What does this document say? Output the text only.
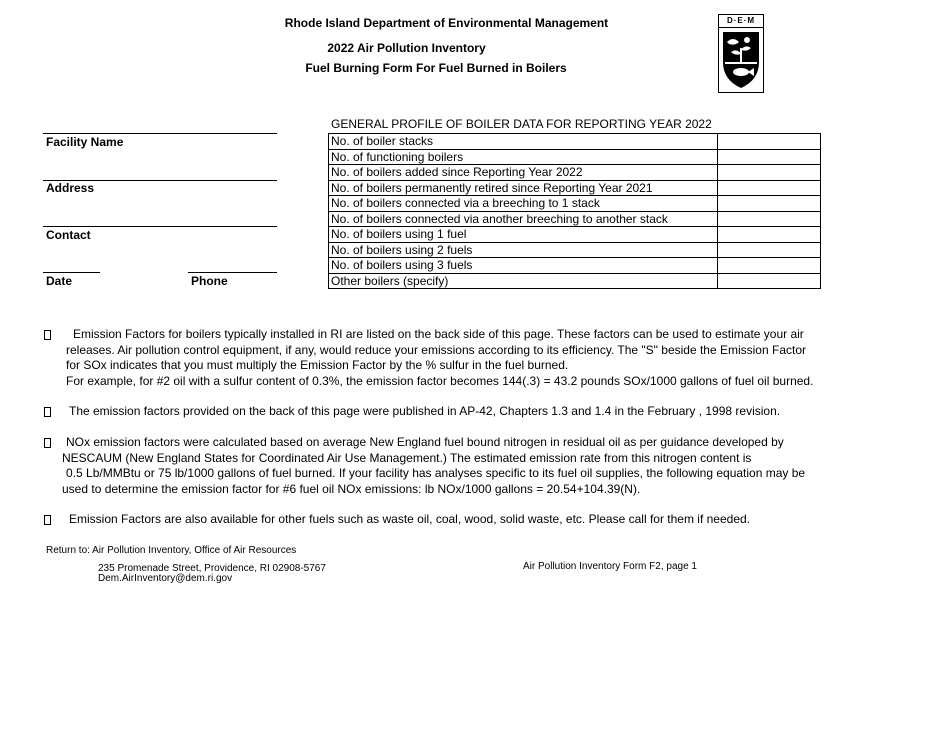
Rhode Island Department of Environmental Management
2022 Air Pollution Inventory
Fuel Burning Form For Fuel Burned in Boilers
D·E·M
Facility Name
Address
Contact
Date	Phone
GENERAL PROFILE OF BOILER DATA FOR REPORTING YEAR 2022
No. of boiler stacks	
No. of functioning boilers	
No. of boilers added since Reporting Year 2022	
No. of boilers permanently retired since Reporting Year 2021	
No. of boilers connected via a breeching to 1 stack	
No. of boilers connected via another breeching to another stack	
No. of boilers using 1 fuel	
No. of boilers using 2 fuels	
No. of boilers using 3 fuels	
Other boilers (specify)	

Emission Factors for boilers typically installed in RI are listed on the back side of this page. These factors can be used to estimate your air

releases. Air pollution control equipment, if any, would reduce your emissions according to its efficiency. The "S" beside the Emission Factor

for SOx indicates that you must multiply the Emission Factor by the % sulfur in the fuel burned.

For example, for #2 oil with a sulfur content of 0.3%, the emission factor becomes 144(.3) = 43.2 pounds SOx/1000 gallons of fuel oil burned.

The emission factors provided on the back of this page were published in AP-42, Chapters 1.3 and 1.4 in the February , 1998 revision.

NOx emission factors were calculated based on average New England fuel bound nitrogen in residual oil as per guidance developed by

NESCAUM (New England States for Coordinated Air Use Management.) The estimated emission rate from this nitrogen content is

0.5 Lb/MMBtu or 75 lb/1000 gallons of fuel burned. If your facility has analyses specific to its fuel oil supplies, the following equation may be

used to determine the emission factor for #6 fuel oil NOx emissions: lb NOx/1000 gallons = 20.54+104.39(N).

Emission Factors are also available for other fuels such as waste oil, coal, wood, solid waste, etc. Please call for them if needed.

Return to: Air Pollution Inventory, Office of Air Resources
235 Promenade Street, Providence, RI 02908-5767
Dem.AirInventory@dem.ri.gov
Air Pollution Inventory Form F2, page 1
